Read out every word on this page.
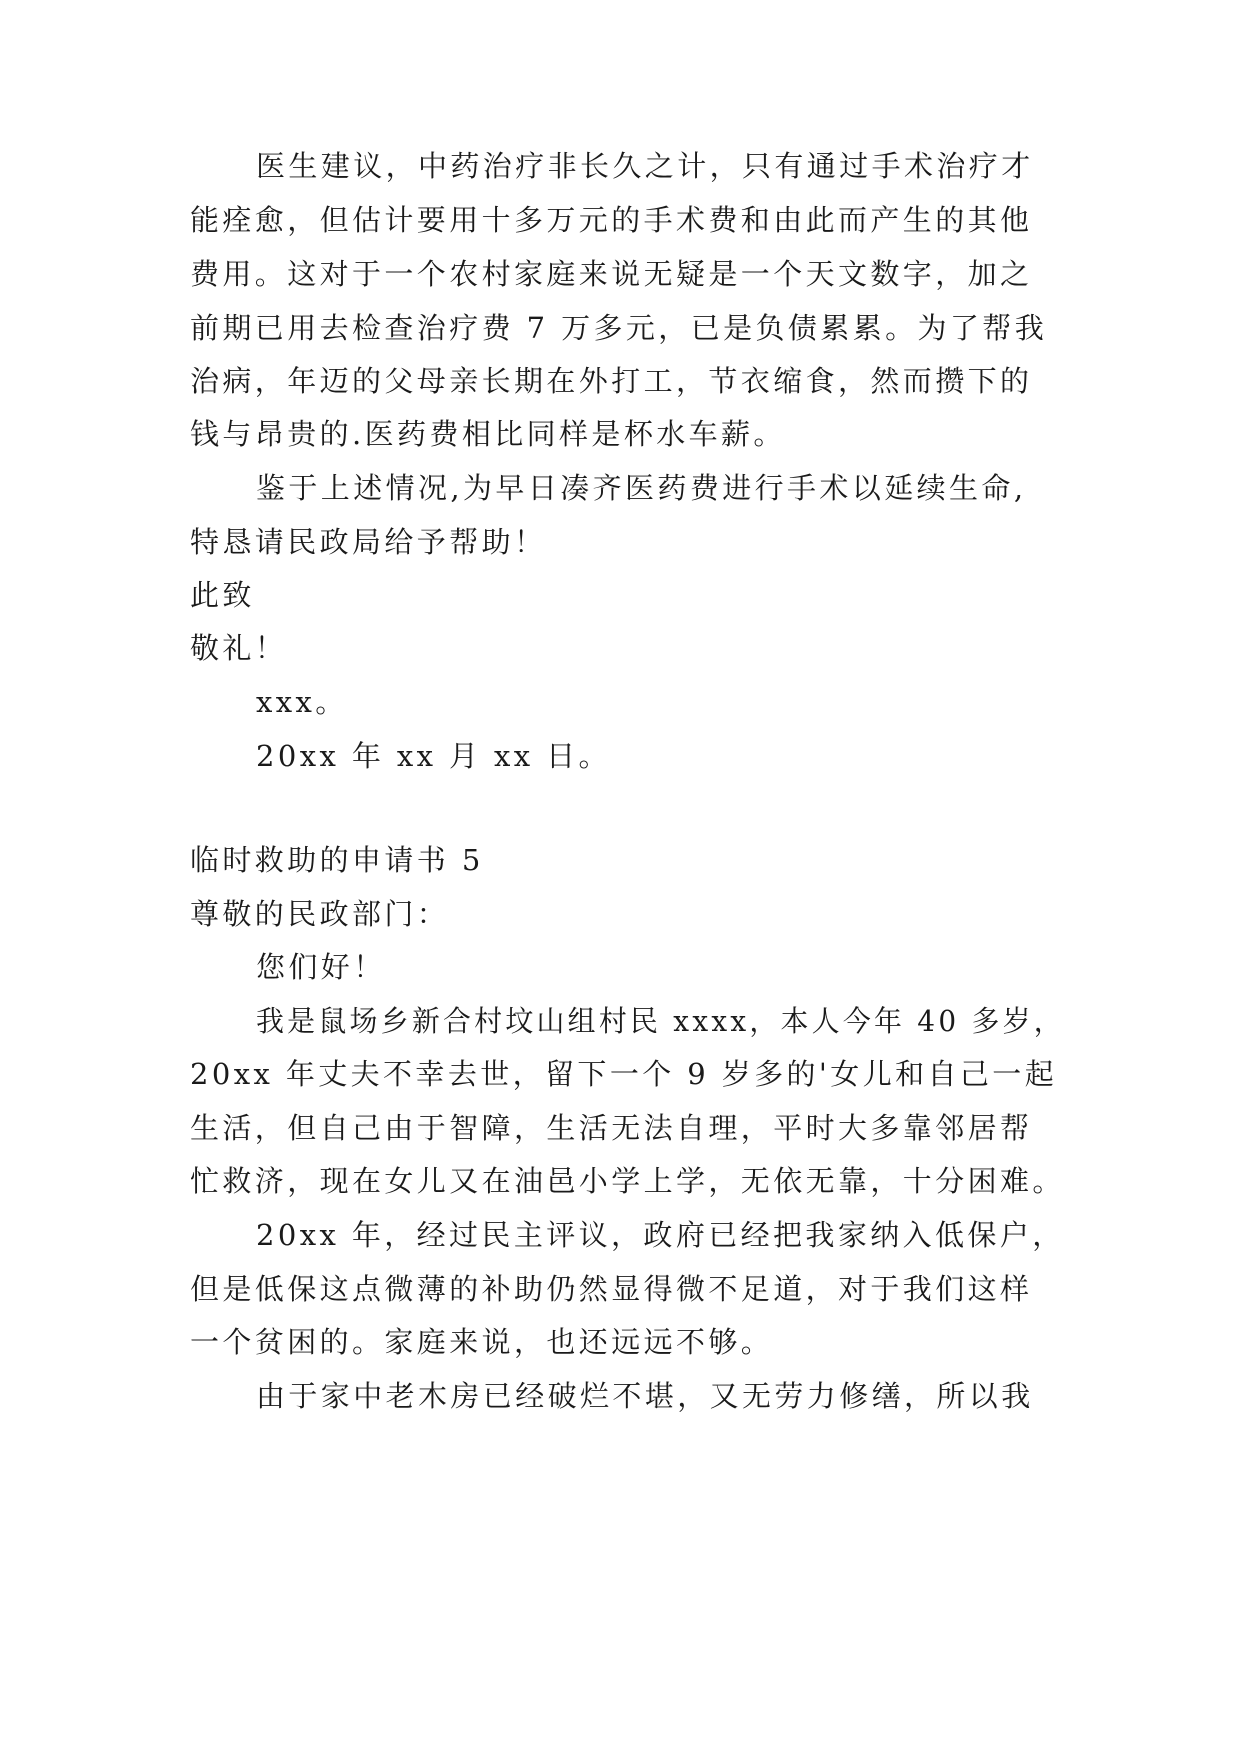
医生建议，中药治疗非长久之计，只有通过手术治疗才
能痊愈，但估计要用十多万元的手术费和由此而产生的其他
费用。这对于一个农村家庭来说无疑是一个天文数字，加之
前期已用去检查治疗费 7 万多元，已是负债累累。为了帮我
治病，年迈的父母亲长期在外打工，节衣缩食，然而攒下的
钱与昂贵的.医药费相比同样是杯水车薪。
鉴于上述情况,为早日凑齐医药费进行手术以延续生命,
特恳请民政局给予帮助！
此致
敬礼！
xxx。
20xx 年 xx 月 xx 日。
临时救助的申请书 5
尊敬的民政部门：
您们好！
我是鼠场乡新合村坟山组村民 xxxx，本人今年 40 多岁，
20xx 年丈夫不幸去世，留下一个 9 岁多的'女儿和自己一起
生活，但自己由于智障，生活无法自理，平时大多靠邻居帮
忙救济，现在女儿又在油邑小学上学，无依无靠，十分困难。
20xx 年，经过民主评议，政府已经把我家纳入低保户，
但是低保这点微薄的补助仍然显得微不足道，对于我们这样
一个贫困的。家庭来说，也还远远不够。
由于家中老木房已经破烂不堪，又无劳力修缮，所以我
